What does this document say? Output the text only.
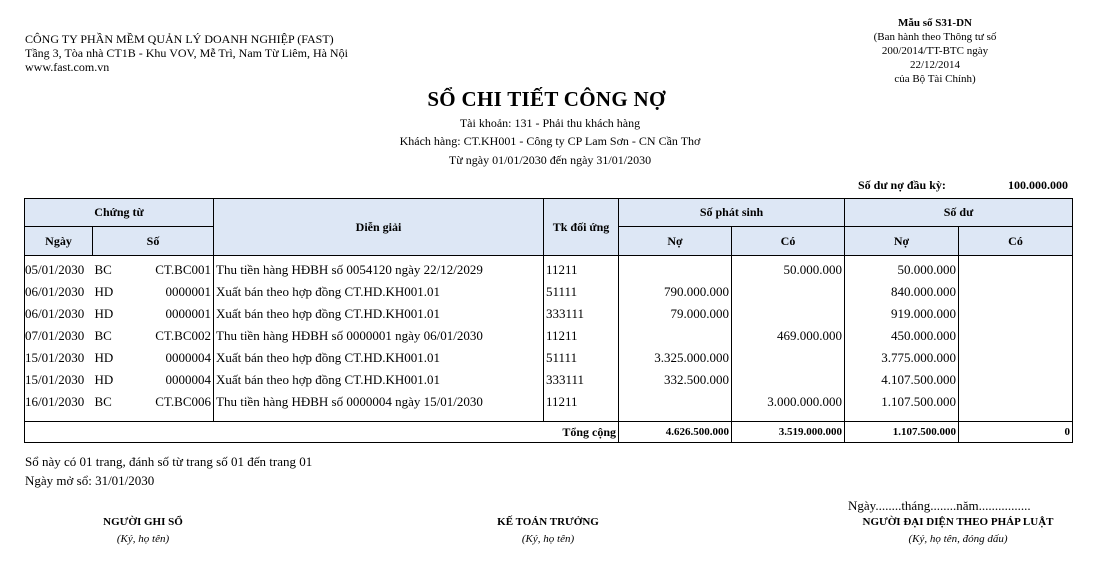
CÔNG TY PHẦN MỀM QUẢN LÝ DOANH NGHIỆP (FAST)
Tầng 3, Tòa nhà CT1B - Khu VOV, Mễ Trì, Nam Từ Liêm, Hà Nội
www.fast.com.vn
Mẫu số S31-DN
(Ban hành theo Thông tư số
200/2014/TT-BTC ngày 22/12/2014
của Bộ Tài Chính)
SỔ CHI TIẾT CÔNG NỢ
Tài khoản: 131 - Phải thu khách hàng
Khách hàng: CT.KH001 - Công ty CP Lam Sơn - CN Cần Thơ
Từ ngày 01/01/2030 đến ngày 31/01/2030
Số dư nợ đầu kỳ:	100.000.000
Chứng từ		Diễn giải	Tk đối ứng	Số phát sinh		Số dư	
Ngày	Số			Nợ	Có	Nợ	Có
05/01/2030	BC CT.BC001	Thu tiền hàng HĐBH số 0054120 ngày 22/12/2029	11211		50.000.000	50.000.000	
06/01/2030	HD 0000001	Xuất bán theo hợp đồng CT.HD.KH001.01	51111	790.000.000		840.000.000	
06/01/2030	HD 0000001	Xuất bán theo hợp đồng CT.HD.KH001.01	333111	79.000.000		919.000.000	
07/01/2030	BC CT.BC002	Thu tiền hàng HĐBH số 0000001 ngày 06/01/2030	11211		469.000.000	450.000.000	
15/01/2030	HD 0000004	Xuất bán theo hợp đồng CT.HD.KH001.01	51111	3.325.000.000		3.775.000.000	
15/01/2030	HD 0000004	Xuất bán theo hợp đồng CT.HD.KH001.01	333111	332.500.000		4.107.500.000	
16/01/2030	BC CT.BC006	Thu tiền hàng HĐBH số 0000004 ngày 15/01/2030	11211		3.000.000.000	1.107.500.000	

Tổng cộng				4.626.500.000	3.519.000.000	1.107.500.000	0
Sổ này có 01 trang, đánh số từ trang số 01 đến trang 01
Ngày mở sổ: 31/01/2030
Ngày........tháng........năm................
NGƯỜI GHI SỔ
(Ký, họ tên)
KẾ TOÁN TRƯỞNG
(Ký, họ tên)
NGƯỜI ĐẠI DIỆN THEO PHÁP LUẬT
(Ký, họ tên, đóng dấu)
